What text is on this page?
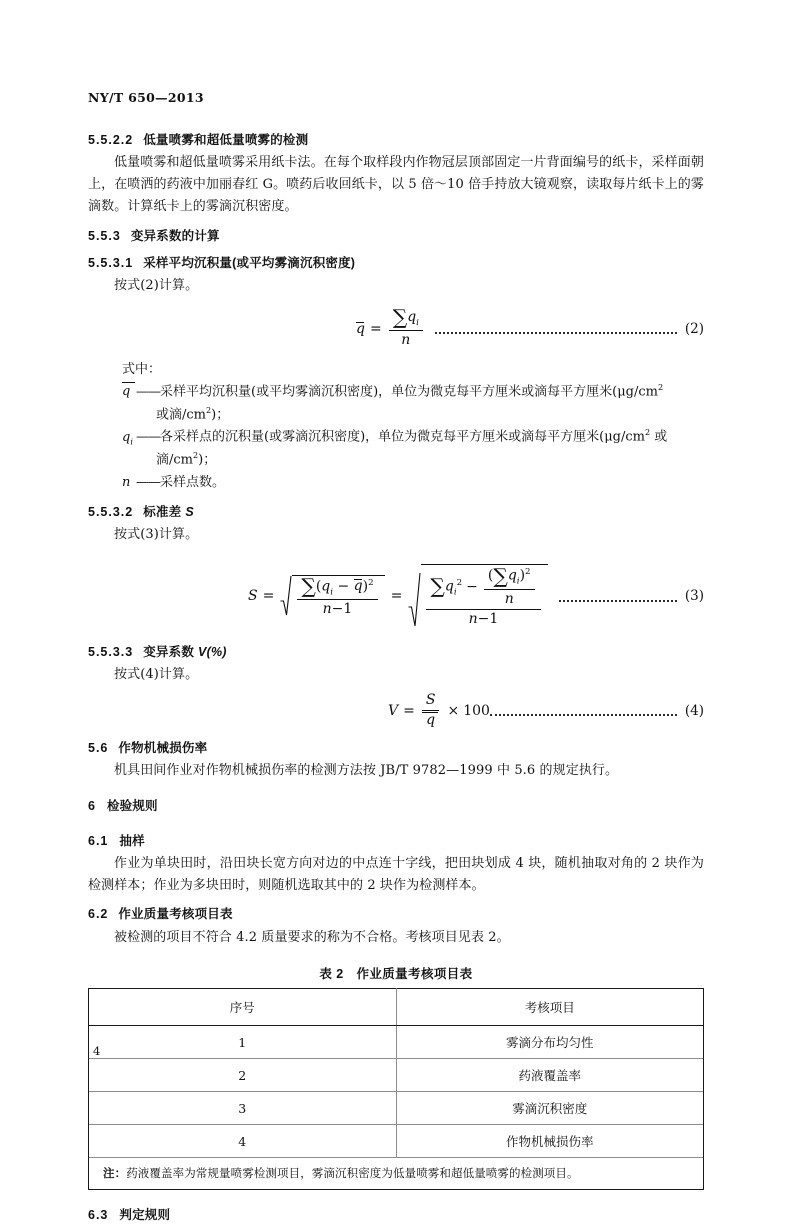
NY/T 650—2013
5.5.2.2 低量喷雾和超低量喷雾的检测

低量喷雾和超低量喷雾采用纸卡法。在每个取样段内作物冠层顶部固定一片背面编号的纸卡，采样面朝上，在喷洒的药液中加丽春红 G。喷药后收回纸卡，以 5 倍～10 倍手持放大镜观察，读取每片纸卡上的雾滴数。计算纸卡上的雾滴沉积密度。

5.5.3 变异系数的计算
5.5.3.1 采样平均沉积量(或平均雾滴沉积密度)

按式(2)计算。

$q = \frac{\sum q_i}{n}$	(2)
式中：
q ——采样平均沉积量(或平均雾滴沉积密度)，单位为微克每平方厘米或滴每平方厘米($\mu g/cm^2$
或滴$/cm^2$)；
$q_i$ ——各采样点的沉积量(或雾滴沉积密度)，单位为微克每平方厘米或滴每平方厘米($\mu g/cm^2$ 或
滴$/cm^2$)；
n ——采样点数。
5.5.3.2 标准差 S

按式(3)计算。

$S = \frac{\sum(q_i - q)^2}{n-1} = \sum q_i^2 - \frac{(\sum q_i)^2}{n}$
n−1
(3)
5.5.3.3 变异系数 V(%)

按式(4)计算。

$V = \frac{S}{q} \times 100$	(4)
5.6 作物机械损伤率

机具田间作业对作物机械损伤率的检测方法按 JB/T 9782—1999 中 5.6 的规定执行。

6 检验规则
6.1 抽样

作业为单块田时，沿田块长宽方向对边的中点连十字线，把田块划成 4 块，随机抽取对角的 2 块作为检测样本；作业为多块田时，则随机选取其中的 2 块作为检测样本。

6.2 作业质量考核项目表

被检测的项目不符合 4.2 质量要求的称为不合格。考核项目见表 2。

表 2　作业质量考核项目表
序号	考核项目
1	雾滴分布均匀性
2	药液覆盖率
3	雾滴沉积密度
4	作物机械损伤率
注：药液覆盖率为常规量喷雾检测项目，雾滴沉积密度为低量喷雾和超低量喷雾的检测项目。	
6.3 判定规则
4
